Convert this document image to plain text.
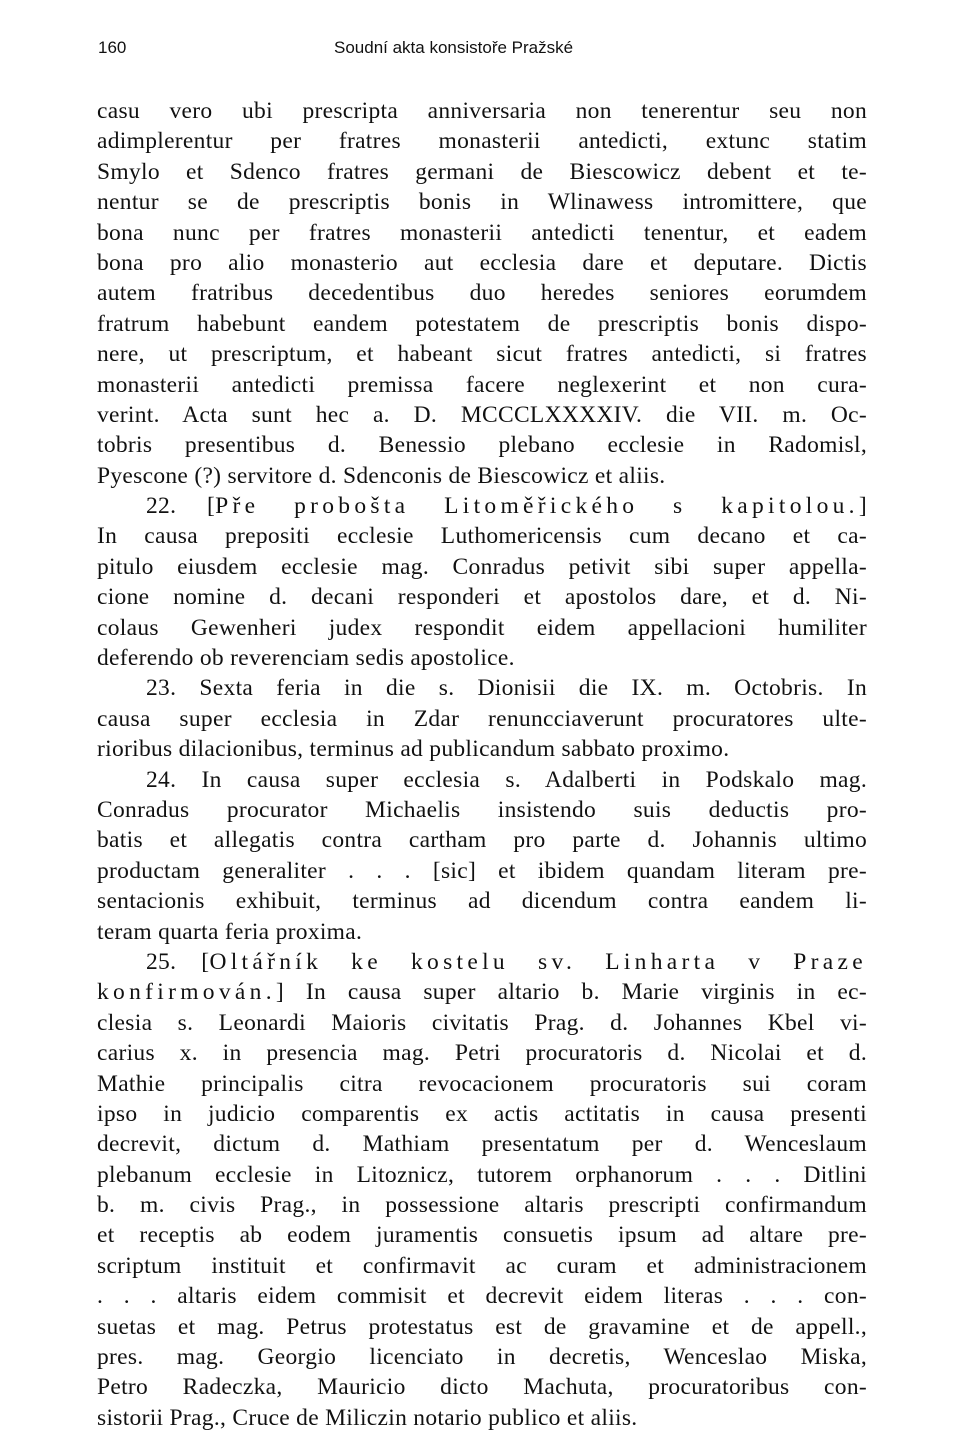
160	Soudní akta konsistoře Pražské
casu vero ubi prescripta anniversaria non tenerentur seu non
adimplerentur per fratres monasterii antedicti, extunc statim
Smylo et Sdenco fratres germani de Biescowicz debent et te-
nentur se de prescriptis bonis in Wlinawess intromittere, que
bona nunc per fratres monasterii antedicti tenentur, et eadem
bona pro alio monasterio aut ecclesia dare et deputare. Dictis
autem fratribus decedentibus duo heredes seniores eorumdem
fratrum habebunt eandem potestatem de prescriptis bonis dispo-
nere, ut prescriptum, et habeant sicut fratres antedicti, si fratres
monasterii antedicti premissa facere neglexerint et non cura-
verint. Acta sunt hec a. D. MCCCLXXXXIV. die VII. m. Oc-
tobris presentibus d. Benessio plebano ecclesie in Radomisl,
Pyescone (?) servitore d. Sdenconis de Biescowicz et aliis.
22. [Pře probošta Litoměřického s kapitolou.]
In causa prepositi ecclesie Luthomericensis cum decano et ca-
pitulo eiusdem ecclesie mag. Conradus petivit sibi super appella-
cione nomine d. decani responderi et apostolos dare, et d. Ni-
colaus Gewenheri judex respondit eidem appellacioni humiliter
deferendo ob reverenciam sedis apostolice.
23. Sexta feria in die s. Dionisii die IX. m. Octobris. In
causa super ecclesia in Zdar renuncciaverunt procuratores ulte-
rioribus dilacionibus, terminus ad publicandum sabbato proximo.
24. In causa super ecclesia s. Adalberti in Podskalo mag.
Conradus procurator Michaelis insistendo suis deductis pro-
batis et allegatis contra cartham pro parte d. Johannis ultimo
productam generaliter . . . [sic] et ibidem quandam literam pre-
sentacionis exhibuit, terminus ad dicendum contra eandem li-
teram quarta feria proxima.
25. [Oltářník ke kostelu sv. Linharta v Praze
konfirmován.] In causa super altario b. Marie virginis in ec-
clesia s. Leonardi Maioris civitatis Prag. d. Johannes Kbel vi-
carius x. in presencia mag. Petri procuratoris d. Nicolai et d.
Mathie principalis citra revocacionem procuratoris sui coram
ipso in judicio comparentis ex actis actitatis in causa presenti
decrevit, dictum d. Mathiam presentatum per d. Wenceslaum
plebanum ecclesie in Litoznicz, tutorem orphanorum . . . Ditlini
b. m. civis Prag., in possessione altaris prescripti confirmandum
et receptis ab eodem juramentis consuetis ipsum ad altare pre-
scriptum instituit et confirmavit ac curam et administracionem
. . . altaris eidem commisit et decrevit eidem literas . . . con-
suetas et mag. Petrus protestatus est de gravamine et de appell.,
pres. mag. Georgio licenciato in decretis, Wenceslao Miska,
Petro Radeczka, Mauricio dicto Machuta, procuratoribus con-
sistorii Prag., Cruce de Miliczin notario publico et aliis.
